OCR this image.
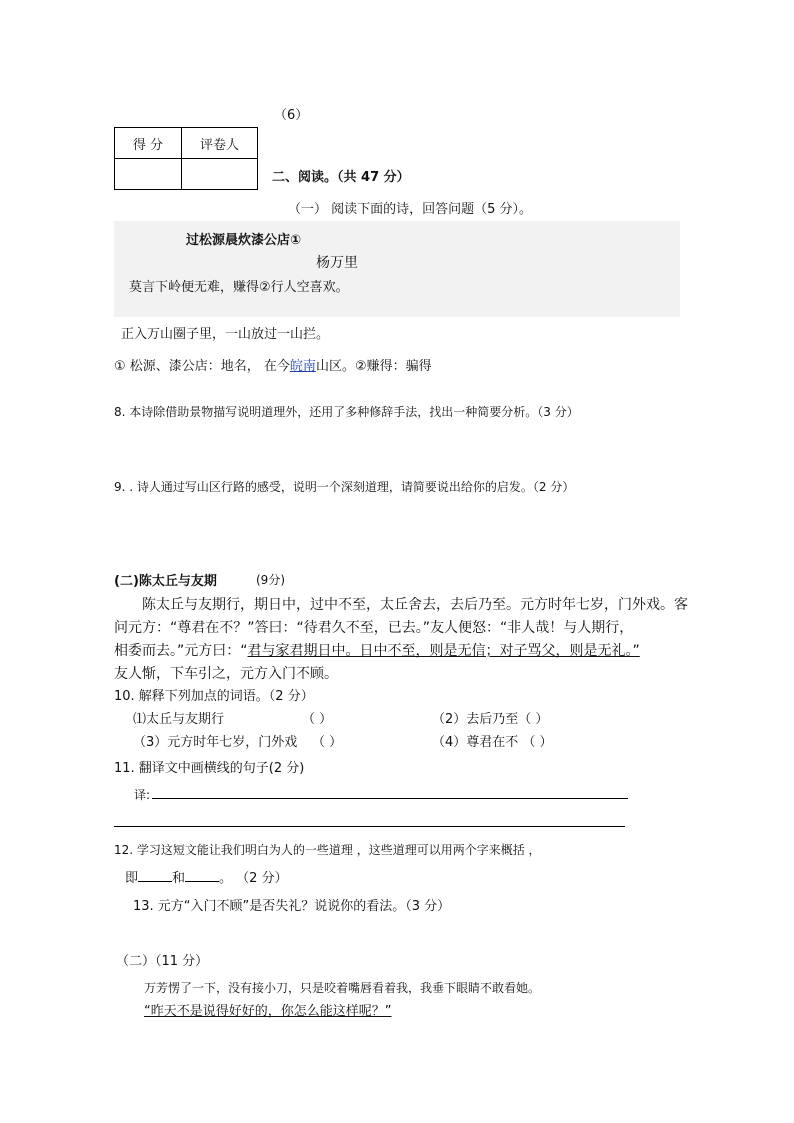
（6）
得 分	评卷人

二、阅读。（共 47 分）
（一） 阅读下面的诗，回答问题（5 分）。
过松源晨炊漆公店①
杨万里
莫言下岭便无难，赚得②行人空喜欢。
正入万山圈子里，一山放过一山拦。
① 松源、漆公店：地名， 在今皖南山区。②赚得：骗得
8. 本诗除借助景物描写说明道理外，还用了多种修辞手法，找出一种简要分析。（3 分）
9. . 诗人通过写山区行路的感受，说明一个深刻道理，请简要说出给你的启发。（2 分）
(二)陈太丘与友期	(9分)
陈太丘与友期行，期日中，过中不至，太丘舍去，去后乃至。元方时年七岁，门外戏。客
问元方：“尊君在不？”答曰：“待君久不至，已去。”友人便怒：“非人哉！与人期行，
相委而去。”元方曰：“君与家君期日中。日中不至，则是无信；对子骂父，则是无礼。”
友人惭，下车引之，元方入门不顾。
10. 解释下列加点的词语。（2 分）
⑴太丘与友期行	（ ）	（2）去后乃至（ ）
（3）元方时年七岁，门外戏 （ ）	（4）尊君在不 （ ）
11. 翻译文中画横线的句子(2 分)
译:
12. 学习这短文能让我们明白为人的一些道理 ，这些道理可以用两个字来概括 ，
即	和	。 （2 分）
13. 元方“入门不顾”是否失礼？说说你的看法。（3 分）
（二）（11 分）
万芳愣了一下，没有接小刀，只是咬着嘴唇看着我，我垂下眼睛不敢看她。
“昨天不是说得好好的，你怎么能这样呢？”
